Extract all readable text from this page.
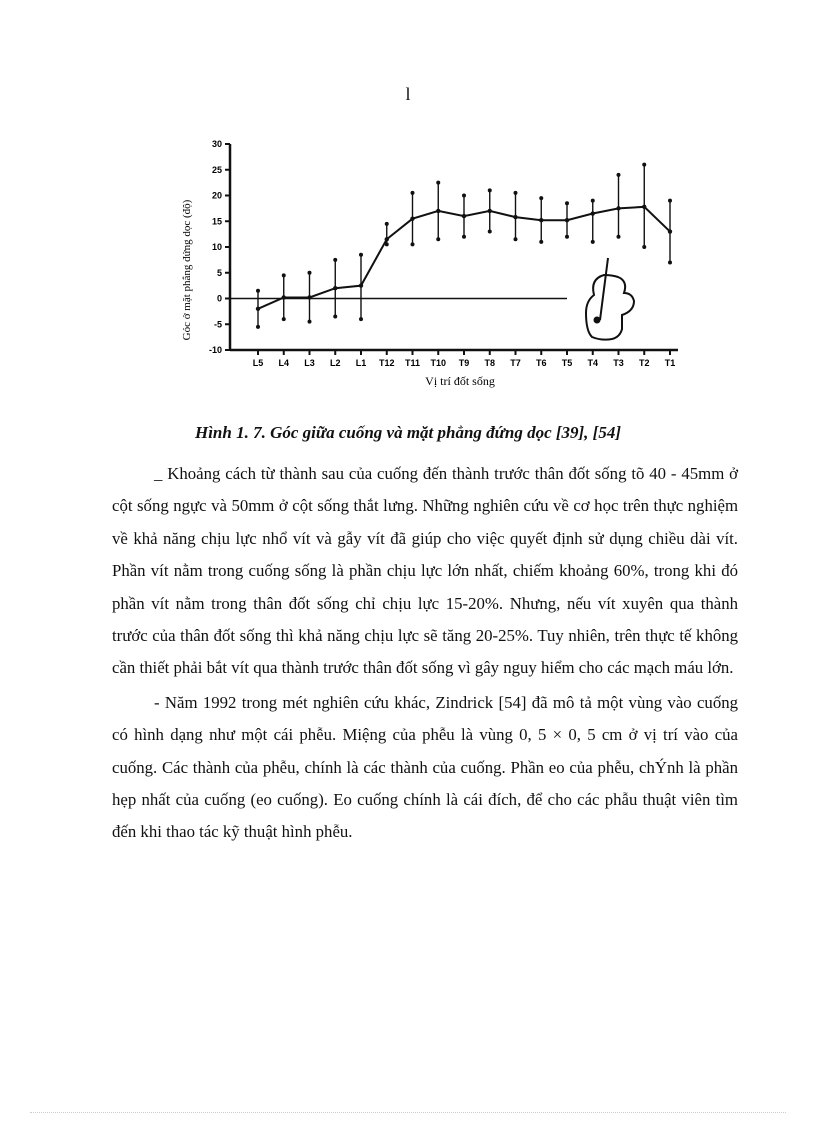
l
Góc ở mặt phẳng đứng dọc (độ)
Vị trí đốt sống
-10
-5
0
5
10
15
20
25
30
L5 L4 L3 L2 L1 T12 T11 T10 T9 T8 T7 T6 T5 T4 T3 T2 T1
Hình 1. 7. Góc giữa cuống và mặt phẳng đứng dọc [39], [54]

_ Khoảng cách từ thành sau của cuống đến thành trước thân đốt sống tõ 40 - 45mm ở cột sống ngực và 50mm ở cột sống thắt lưng. Những nghiên cứu về cơ học trên thực nghiệm về khả năng chịu lực nhổ vít và gẫy vít đã giúp cho việc quyết định sử dụng chiều dài vít. Phần vít nằm trong cuống sống là phần chịu lực lớn nhất, chiếm khoảng 60%, trong khi đó phần vít nằm trong thân đốt sống chỉ chịu lực 15-20%. Nhưng, nếu vít xuyên qua thành trước của thân đốt sống thì khả năng chịu lực sẽ tăng 20-25%. Tuy nhiên, trên thực tế không cần thiết phải bắt vít qua thành trước thân đốt sống vì gây nguy hiểm cho các mạch máu lớn.

- Năm 1992 trong mét nghiên cứu khác, Zindrick [54] đã mô tả một vùng vào cuống có hình dạng như một cái phễu. Miệng của phễu là vùng 0, 5 × 0, 5 cm ở vị trí vào của cuống. Các thành của phễu, chính là các thành của cuống. Phần eo của phễu, chÝnh là phần hẹp nhất của cuống (eo cuống). Eo cuống chính là cái đích, để cho các phẫu thuật viên tìm đến khi thao tác kỹ thuật hình phễu.
